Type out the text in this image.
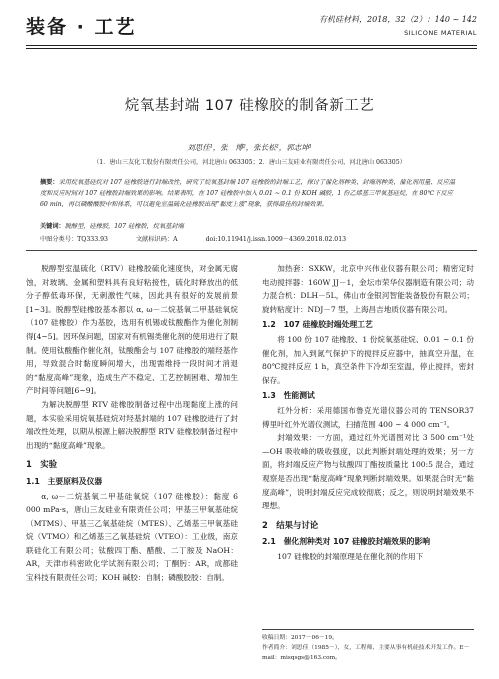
装备 · 工艺	有机硅材料，2018，32（2）：140 ~ 142
SILICONE MATERIAL
烷氧基封端 107 硅橡胶的制备新工艺
刘思佳¹，张　博²，张长松²，郭志坤¹
（1．唐山三友化工股份有限责任公司，河北唐山 063305；2．唐山三友硅业有限责任公司，河北唐山 063305）
摘要：采用烷氧基硅烷对 107 硅橡胶进行封端改性，研究了烷氧基封端 107 硅橡胶的封端工艺，探讨了催化剂种类、封端剂种类、催化剂用量、反应温度和反应时间对 107 硅橡胶封端效果的影响。结果表明，在 107 硅橡胶中加入 0.01 ~ 0.1 份 KOH 碱胶，1 份乙烯基三甲氧基硅烷，在 80℃下反应 60 min，再以磷酸酸胶中和体系，可以避免室温硫化硅橡胶出现“黏度上涨”现象，获得最佳的封端效果。
关键词：脱醇型，硅橡胶，107 硅橡胶，烷氧基封端
中图分类号：TQ333.93	文献标识码：A	doi:10.11941/j.issn.1009－4369.2018.02.013

脱醇型室温硫化（RTV）硅橡胶硫化速度快，对金属无腐蚀，对玻璃、金属和塑料具有良好粘接性，硫化时释放出的低分子醇低毒环保，无刺激性气味，因此具有很好的发展前景[1~3]。脱醇型硅橡胶基本都以 α, ω－二烷基氧二甲基硅氧烷（107 硅橡胶）作为基胶，选用有机锡或钛酸酯作为催化剂制得[4~5]。因环保问题，国家对有机锡类催化剂的使用进行了限制。使用钛酸酯作催化剂，钛酸酯会与 107 硅橡胶的端羟基作用，导致混合时黏度瞬间增大，出现需维持一段时间才消退的“黏度高峰”现象，造成生产不稳定、工艺控制困难、增加生产时间等问题[6~9]。

为解决脱醇型 RTV 硅橡胶制备过程中出现黏度上涨的问题，本实验采用烷氧基硅烷对羟基封端的 107 硅橡胶进行了封端改性处理，以期从根源上解决脱醇型 RTV 硅橡胶制备过程中出现的“黏度高峰”现象。

1　实验
1.1　主要原料及仪器

α, ω－二烷基氧二甲基硅氧烷（107 硅橡胶）：黏度 6 000 mPa·s，唐山三友硅业有限责任公司；甲基三甲氧基硅烷（MTMS）、甲基三乙氧基硅烷（MTES）、乙烯基三甲氧基硅烷（VTMO）和乙烯基三乙氧基硅烷（VTEO）：工业级，南京联硅化工有限公司；钛酸四丁酯、醋酸、二丁胺及 NaOH：AR，天津市科密欧化学试剂有限公司；丁酮肟：AR，成都硅宝科技有限责任公司；KOH 碱胶：自制；磷酸胶胶：自制。

加热套：SXKW，北京中兴伟业仪器有限公司；精密定时电动搅拌器：160W JJ－1，金坛市荣华仪器制造有限公司；动力混合机：DLH－5L，佛山市金银河智能装备股份有限公司；旋转粘度计：NDJ－7 型，上海昌吉地质仪器有限公司。

1.2　107 硅橡胶封端处理工艺

将 100 份 107 硅橡胶、1 份烷氧基硅烷、0.01 ~ 0.1 份催化剂，加入到氮气保护下的搅拌反应器中，抽真空升温，在 80℃搅拌反应 1 h，真空条件下冷却至室温，停止搅拌，密封保存。

1.3　性能测试

红外分析：采用德国布鲁克光谱仪器公司的 TENSOR37 傅里叶红外光谱仪测试，扫描范围 400 ~ 4 000 cm⁻¹。

封端效果：一方面，通过红外光谱图对比 3 500 cm⁻¹处—OH 吸收峰的吸收强度，以此判断封端处理的效果；另一方面，将封端反应产物与钛酸四丁酯按质量比 100:5 混合，通过观察是否出现“黏度高峰”现象判断封端效果。如果混合时无“黏度高峰”，说明封端反应完成较彻底；反之，则说明封端效果不理想。

2　结果与讨论
2.1　催化剂种类对 107 硅橡胶封端效果的影响

107 硅橡胶的封端原理是在催化剂的作用下

收稿日期：2017－06－19。
作者简介：刘思佳（1985－），女，工程师，主要从事有机硅技术开发工作。E－mail：misqsgs@163.com。
